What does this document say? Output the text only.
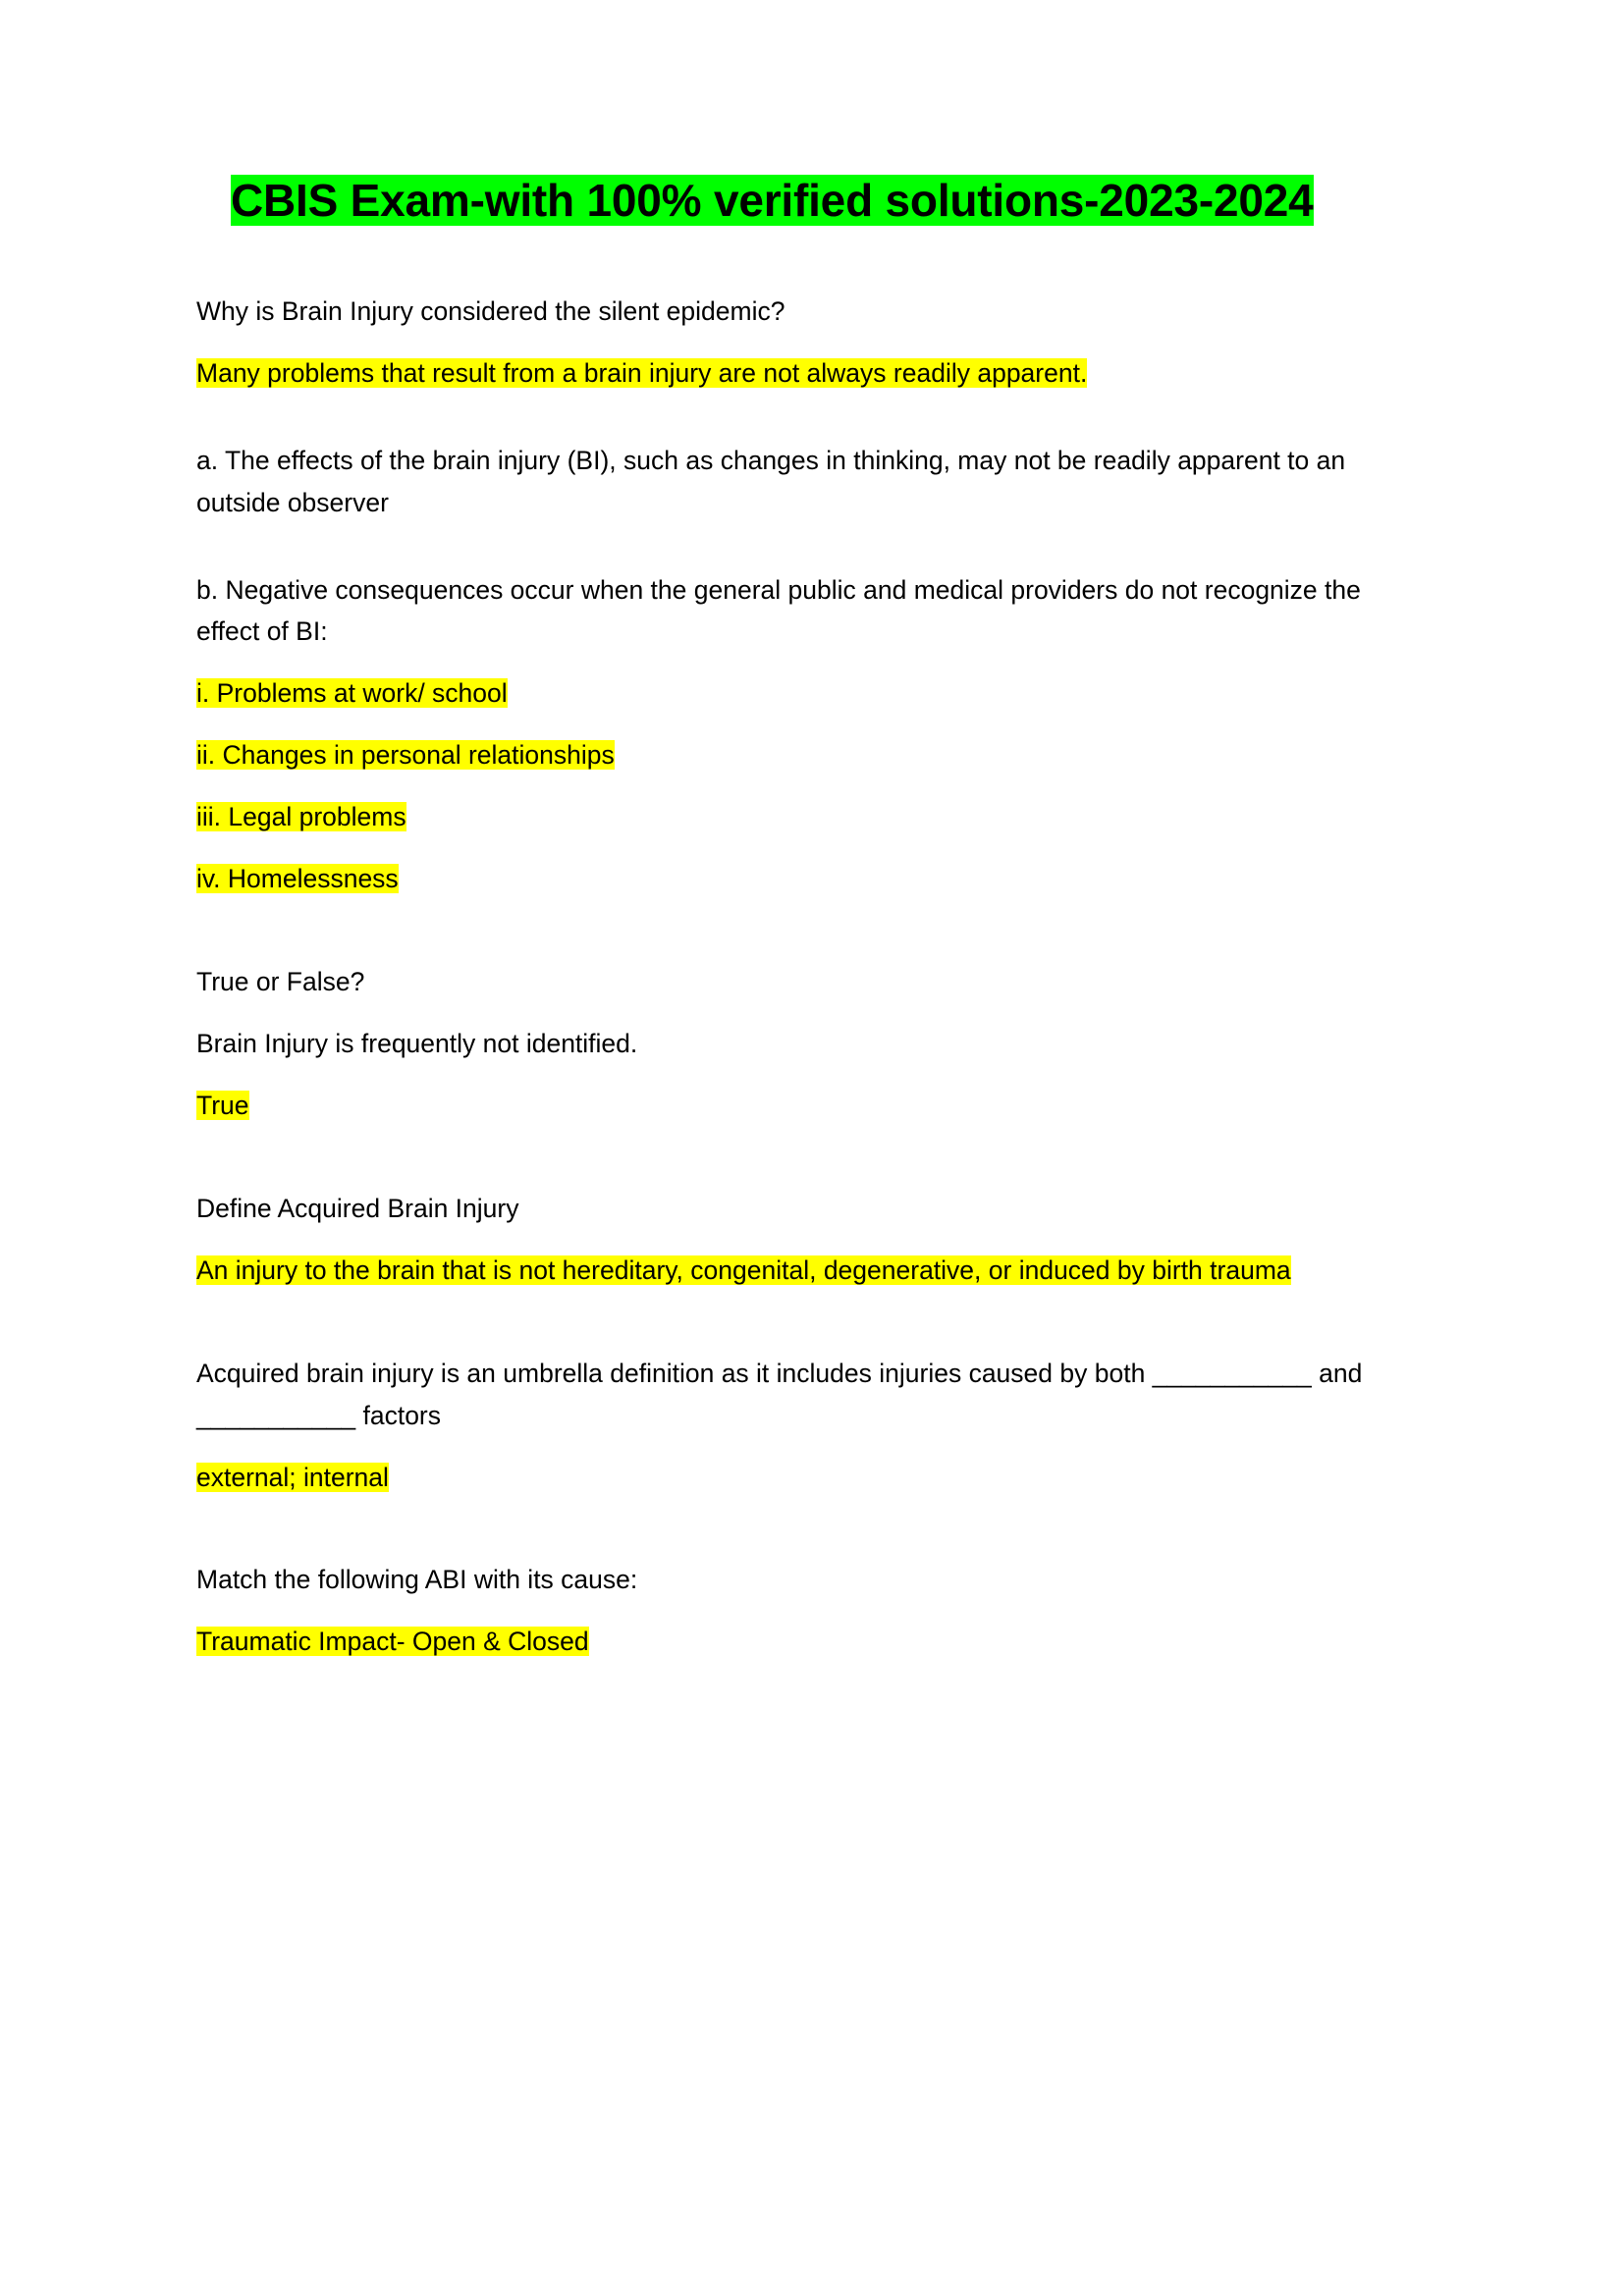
CBIS Exam-with 100% verified solutions-2023-2024

Why is Brain Injury considered the silent epidemic?

Many problems that result from a brain injury are not always readily apparent.

a. The effects of the brain injury (BI), such as changes in thinking, may not be readily apparent to an outside observer

b. Negative consequences occur when the general public and medical providers do not recognize the effect of BI:

i. Problems at work/ school

ii. Changes in personal relationships

iii. Legal problems

iv. Homelessness

True or False?

Brain Injury is frequently not identified.

True

Define Acquired Brain Injury

An injury to the brain that is not hereditary, congenital, degenerative, or induced by birth trauma

Acquired brain injury is an umbrella definition as it includes injuries caused by both ___________ and ___________ factors

external; internal

Match the following ABI with its cause:

Traumatic Impact- Open & Closed
